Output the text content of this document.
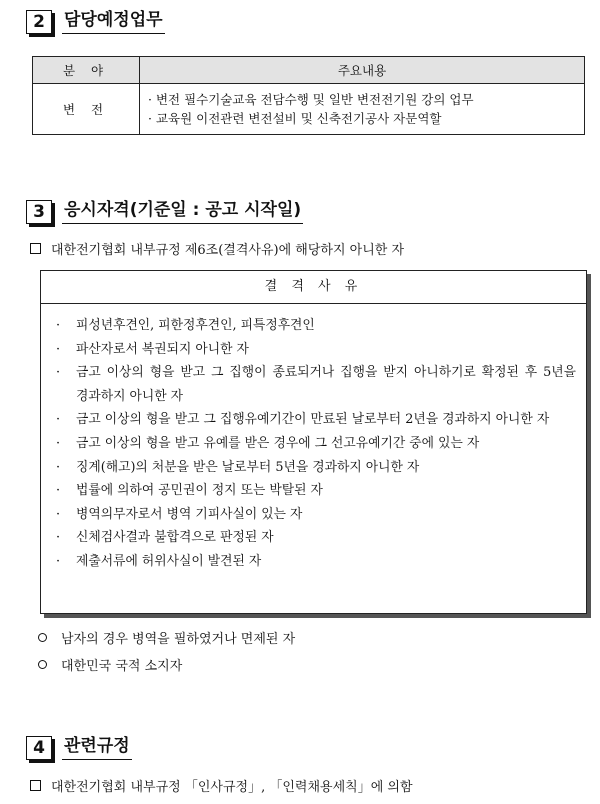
2	담당예정업무
분 야	주요내용
변 전	· 변전 필수기술교육 전담수행 및 일반 변전전기원 강의 업무
· 교육원 이전관련 변전설비 및 신축전기공사 자문역할
3	응시자격(기준일 : 공고 시작일)
대한전기협회 내부규정 제6조(결격사유)에 해당하지 아니한 자
결 격 사 유
·	피성년후견인, 피한정후견인, 피특정후견인
·	파산자로서 복권되지 아니한 자
·	금고 이상의 형을 받고 그 집행이 종료되거나 집행을 받지 아니하기로 확정된 후 5년을 경과하지 아니한 자
·	금고 이상의 형을 받고 그 집행유예기간이 만료된 날로부터 2년을 경과하지 아니한 자
·	금고 이상의 형을 받고 유예를 받은 경우에 그 선고유예기간 중에 있는 자
·	징계(해고)의 처분을 받은 날로부터 5년을 경과하지 아니한 자
·	법률에 의하여 공민권이 정지 또는 박탈된 자
·	병역의무자로서 병역 기피사실이 있는 자
·	신체검사결과 불합격으로 판정된 자
·	제출서류에 허위사실이 발견된 자
남자의 경우 병역을 필하였거나 면제된 자
대한민국 국적 소지자
4	관련규정
대한전기협회 내부규정 「인사규정」, 「인력채용세칙」에 의함
